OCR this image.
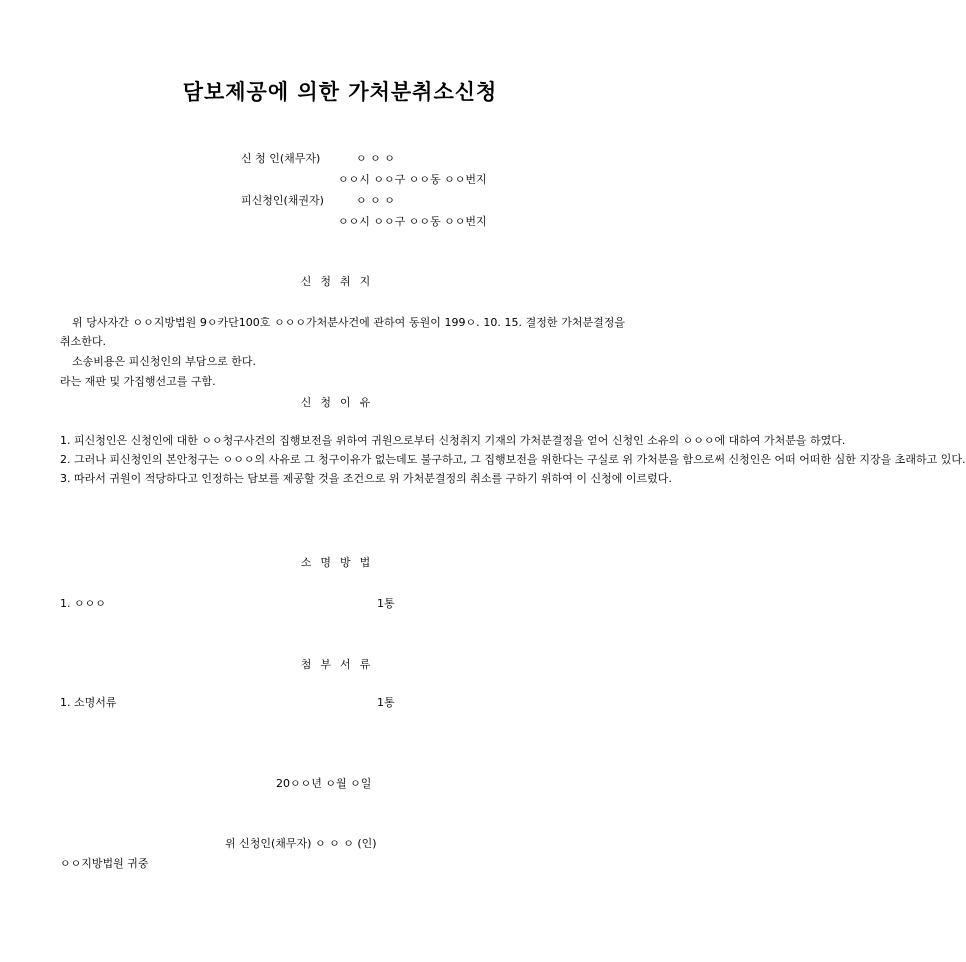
담보제공에 의한 가처분취소신청
신 청 인(채무자)	ㅇ ㅇ ㅇ
ㅇㅇ시 ㅇㅇ구 ㅇㅇ동 ㅇㅇ번지
피신청인(채권자)	ㅇ ㅇ ㅇ
ㅇㅇ시 ㅇㅇ구 ㅇㅇ동 ㅇㅇ번지
신청취지
위 당사자간 ㅇㅇ지방법원 9ㅇ카단100호 ㅇㅇㅇ가처분사건에 관하여 동원이 199ㅇ. 10. 15. 결정한 가처분결정을 취소한다.
소송비용은 피신청인의 부담으로 한다.
라는 재판 및 가집행선고를 구함.
신청이유
1. 피신청인은 신청인에 대한 ㅇㅇ청구사건의 집행보전을 위하여 귀원으로부터 신청취지 기재의 가처분결정을 얻어 신청인 소유의 ㅇㅇㅇ에 대하여 가처분을 하였다.
2. 그러나 피신청인의 본안청구는 ㅇㅇㅇ의 사유로 그 청구이유가 없는데도 불구하고, 그 집행보전을 위한다는 구실로 위 가처분을 함으로써 신청인은 어떠 어떠한 심한 지장을 초래하고 있다.
3. 따라서 귀원이 적당하다고 인정하는 담보를 제공할 것을 조건으로 위 가처분결정의 취소를 구하기 위하여 이 신청에 이르렀다.
소명방법
1. ㅇㅇㅇ	1통
첨부서류
1. 소명서류	1통
20ㅇㅇ년 ㅇ월 ㅇ일
위 신청인(채무자) ㅇ ㅇ ㅇ (인)
ㅇㅇ지방법원 귀중
